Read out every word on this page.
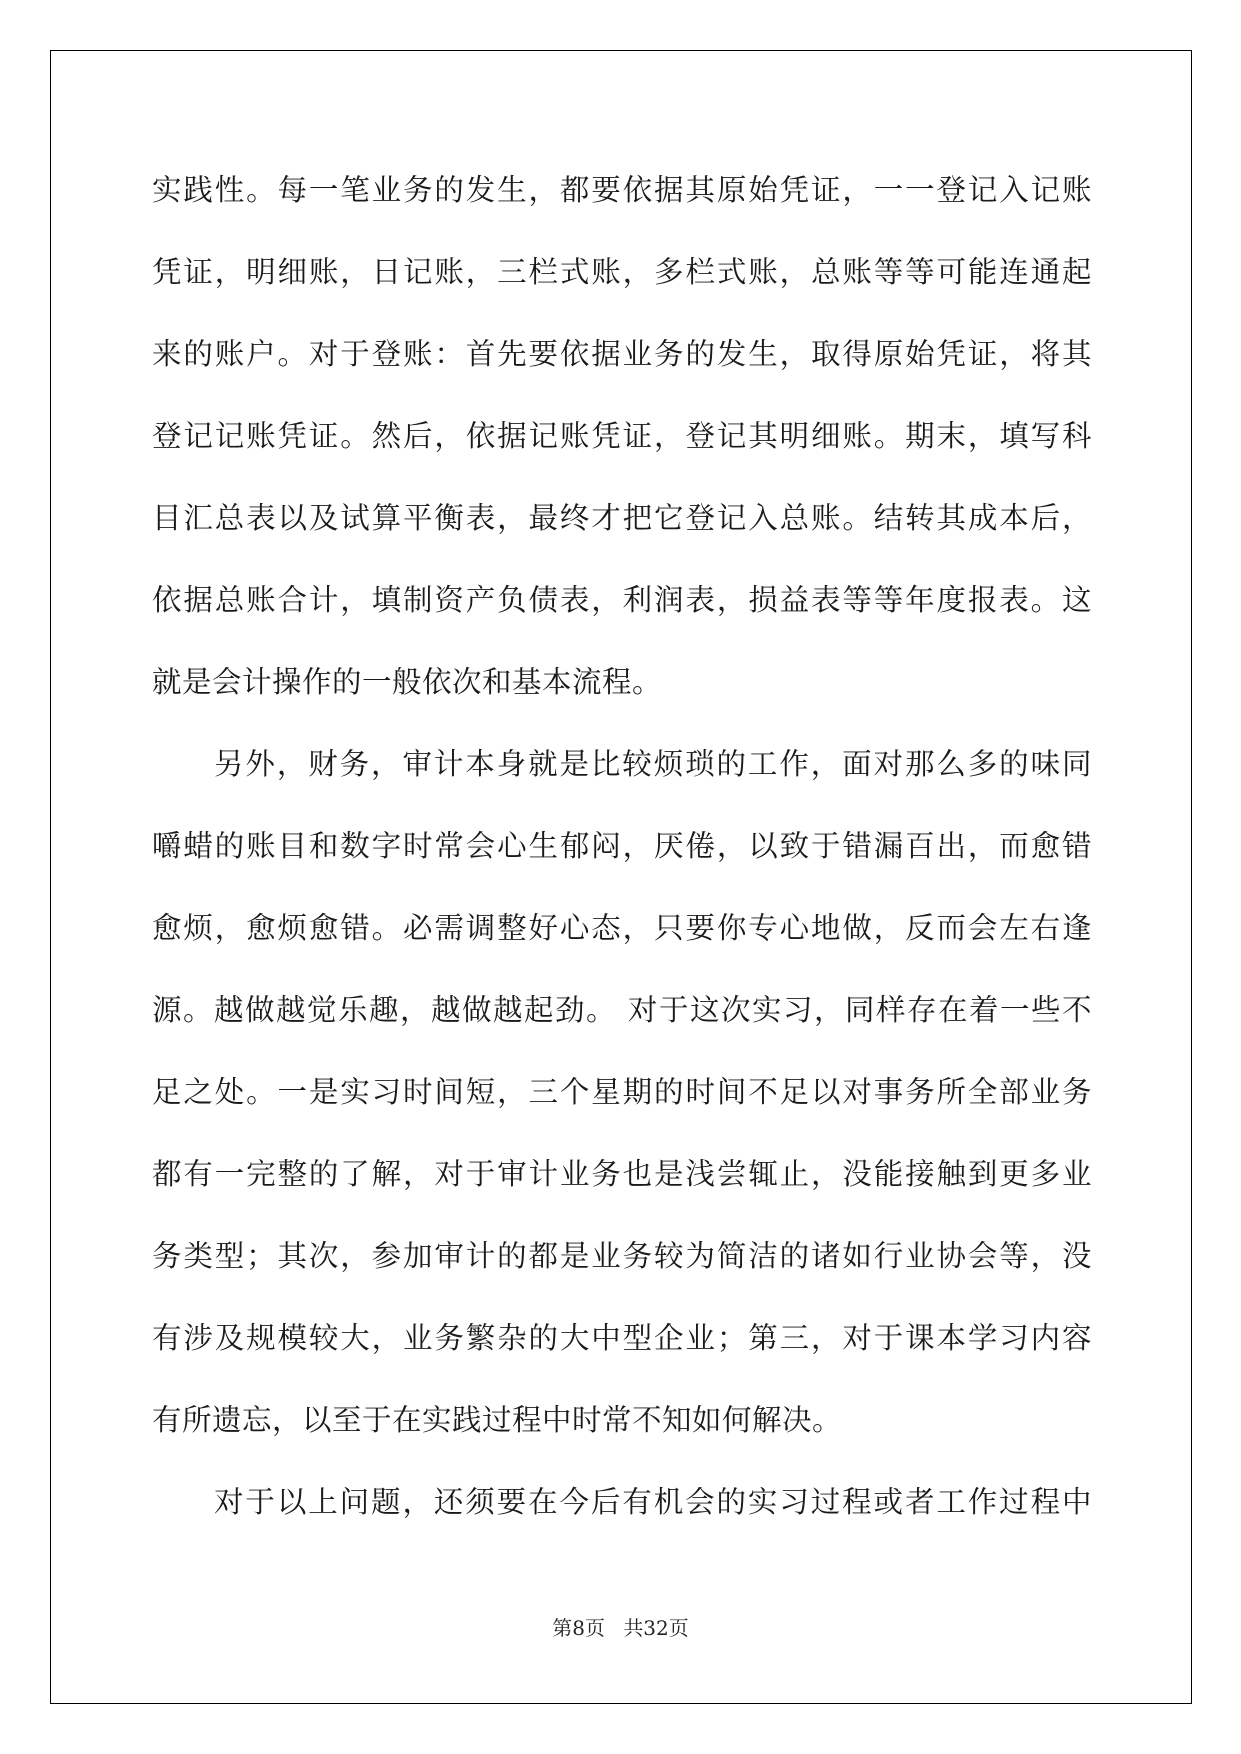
实践性。每一笔业务的发生，都要依据其原始凭证，一一登记入记账
凭证，明细账，日记账，三栏式账，多栏式账，总账等等可能连通起
来的账户。对于登账：首先要依据业务的发生，取得原始凭证，将其
登记记账凭证。然后，依据记账凭证，登记其明细账。期末，填写科
目汇总表以及试算平衡表，最终才把它登记入总账。结转其成本后，
依据总账合计，填制资产负债表，利润表，损益表等等年度报表。这
就是会计操作的一般依次和基本流程。
另外，财务，审计本身就是比较烦琐的工作，面对那么多的味同
嚼蜡的账目和数字时常会心生郁闷，厌倦，以致于错漏百出，而愈错
愈烦，愈烦愈错。必需调整好心态，只要你专心地做，反而会左右逢
源。越做越觉乐趣，越做越起劲。 对于这次实习，同样存在着一些不
足之处。一是实习时间短，三个星期的时间不足以对事务所全部业务
都有一完整的了解，对于审计业务也是浅尝辄止，没能接触到更多业
务类型；其次，参加审计的都是业务较为简洁的诸如行业协会等，没
有涉及规模较大，业务繁杂的大中型企业；第三，对于课本学习内容
有所遗忘，以至于在实践过程中时常不知如何解决。
对于以上问题，还须要在今后有机会的实习过程或者工作过程中
第8页 共32页
